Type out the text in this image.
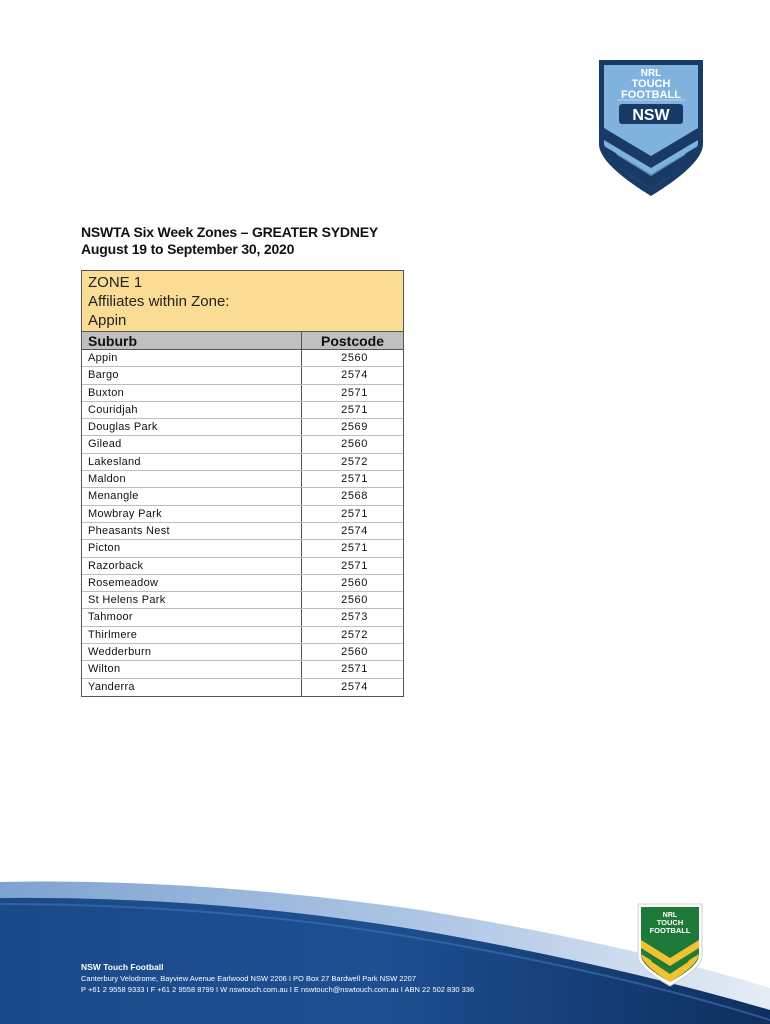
NRL
TOUCH
FOOTBALL
NSW
NSWTA Six Week Zones – GREATER SYDNEY
August 19 to September 30, 2020
ZONE 1
Affiliates within Zone:
Appin
Suburb	Postcode
Appin	2560
Bargo	2574
Buxton	2571
Couridjah	2571
Douglas Park	2569
Gilead	2560
Lakesland	2572
Maldon	2571
Menangle	2568
Mowbray Park	2571
Pheasants Nest	2574
Picton	2571
Razorback	2571
Rosemeadow	2560
St Helens Park	2560
Tahmoor	2573
Thirlmere	2572
Wedderburn	2560
Wilton	2571
Yanderra	2574
NSW Touch Football
Canterbury Velodrome, Bayview Avenue Earlwood NSW 2206 I PO Box 27 Bardwell Park NSW 2207
P +61 2 9558 9333 I F +61 2 9558 8799 I W nswtouch.com.au I E nswtouch@nswtouch.com.au I ABN 22 502 830 336
NRL
TOUCH
FOOTBALL
